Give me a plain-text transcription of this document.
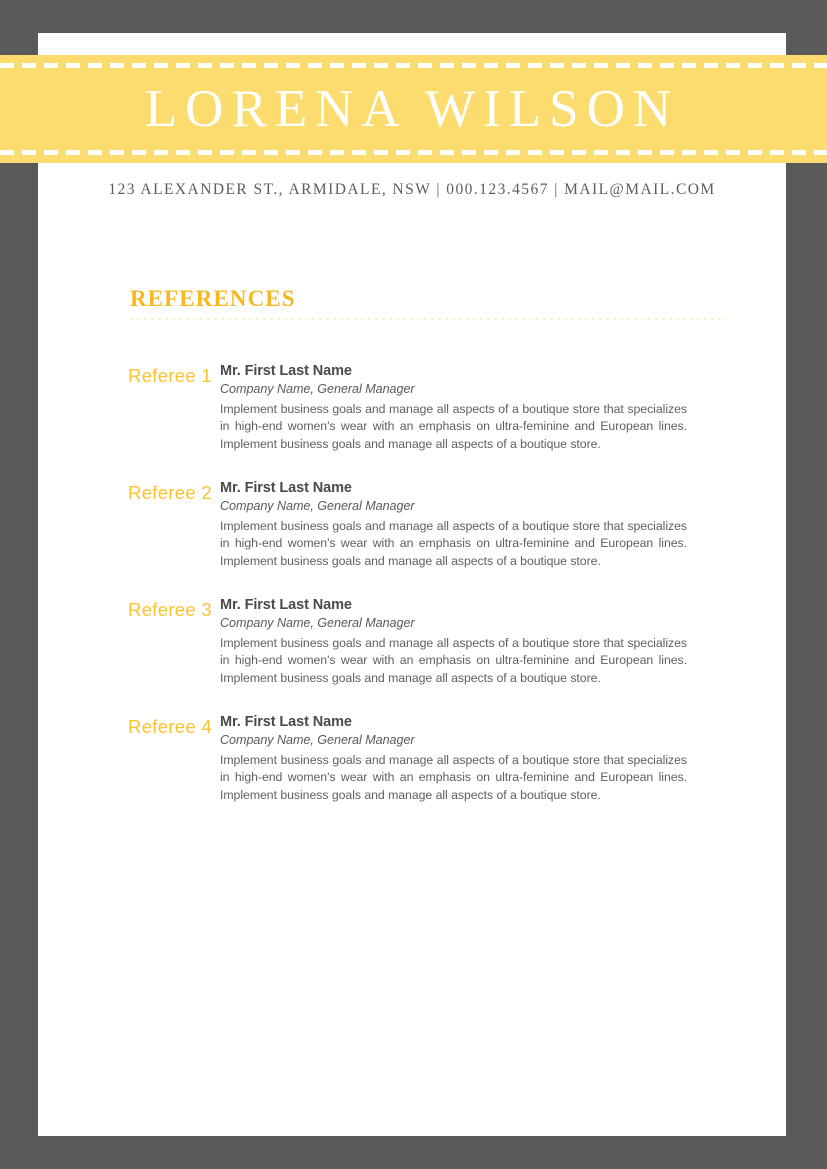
LORENA WILSON
123 ALEXANDER ST., ARMIDALE, NSW | 000.123.4567 | MAIL@MAIL.COM
REFERENCES
Referee 1 Mr. First Last Name
Company Name, General Manager
Implement business goals and manage all aspects of a boutique store that specializes in high-end women's wear with an emphasis on ultra-feminine and European lines. Implement business goals and manage all aspects of a boutique store.
Referee 2 Mr. First Last Name
Company Name, General Manager
Implement business goals and manage all aspects of a boutique store that specializes in high-end women's wear with an emphasis on ultra-feminine and European lines. Implement business goals and manage all aspects of a boutique store.
Referee 3 Mr. First Last Name
Company Name, General Manager
Implement business goals and manage all aspects of a boutique store that specializes in high-end women's wear with an emphasis on ultra-feminine and European lines. Implement business goals and manage all aspects of a boutique store.
Referee 4 Mr. First Last Name
Company Name, General Manager
Implement business goals and manage all aspects of a boutique store that specializes in high-end women's wear with an emphasis on ultra-feminine and European lines. Implement business goals and manage all aspects of a boutique store.
